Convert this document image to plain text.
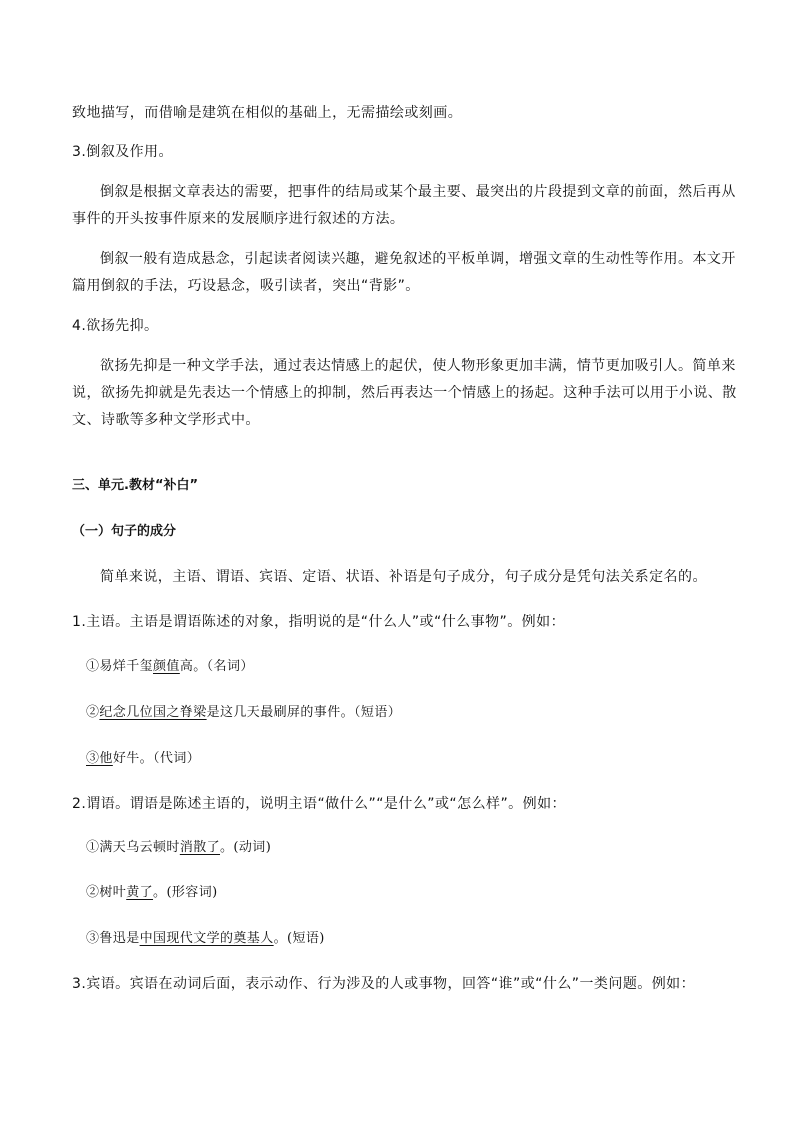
致地描写，而借喻是建筑在相似的基础上，无需描绘或刻画。
3.倒叙及作用。
倒叙是根据文章表达的需要，把事件的结局或某个最主要、最突出的片段提到文章的前面，然后再从
事件的开头按事件原来的发展顺序进行叙述的方法。
倒叙一般有造成悬念，引起读者阅读兴趣，避免叙述的平板单调，增强文章的生动性等作用。本文开
篇用倒叙的手法，巧设悬念，吸引读者，突出“背影”。
4.欲扬先抑。
欲扬先抑是一种文学手法，通过表达情感上的起伏，使人物形象更加丰满，情节更加吸引人。简单来
说，欲扬先抑就是先表达一个情感上的抑制，然后再表达一个情感上的扬起。这种手法可以用于小说、散
文、诗歌等多种文学形式中。
三、单元.教材“补白”
（一）句子的成分
简单来说，主语、谓语、宾语、定语、状语、补语是句子成分，句子成分是凭句法关系定名的。
1.主语。主语是谓语陈述的对象，指明说的是“什么人”或“什么事物”。例如：
①易烊千玺颜值高。（名词）
②纪念几位国之脊梁是这几天最刷屏的事件。（短语）
③他好牛。（代词）
2.谓语。谓语是陈述主语的，说明主语“做什么”“是什么”或“怎么样”。例如：
①满天乌云顿时消散了。(动词)
②树叶黄了。(形容词)
③鲁迅是中国现代文学的奠基人。(短语)
3.宾语。宾语在动词后面，表示动作、行为涉及的人或事物，回答“谁”或“什么”一类问题。例如：
